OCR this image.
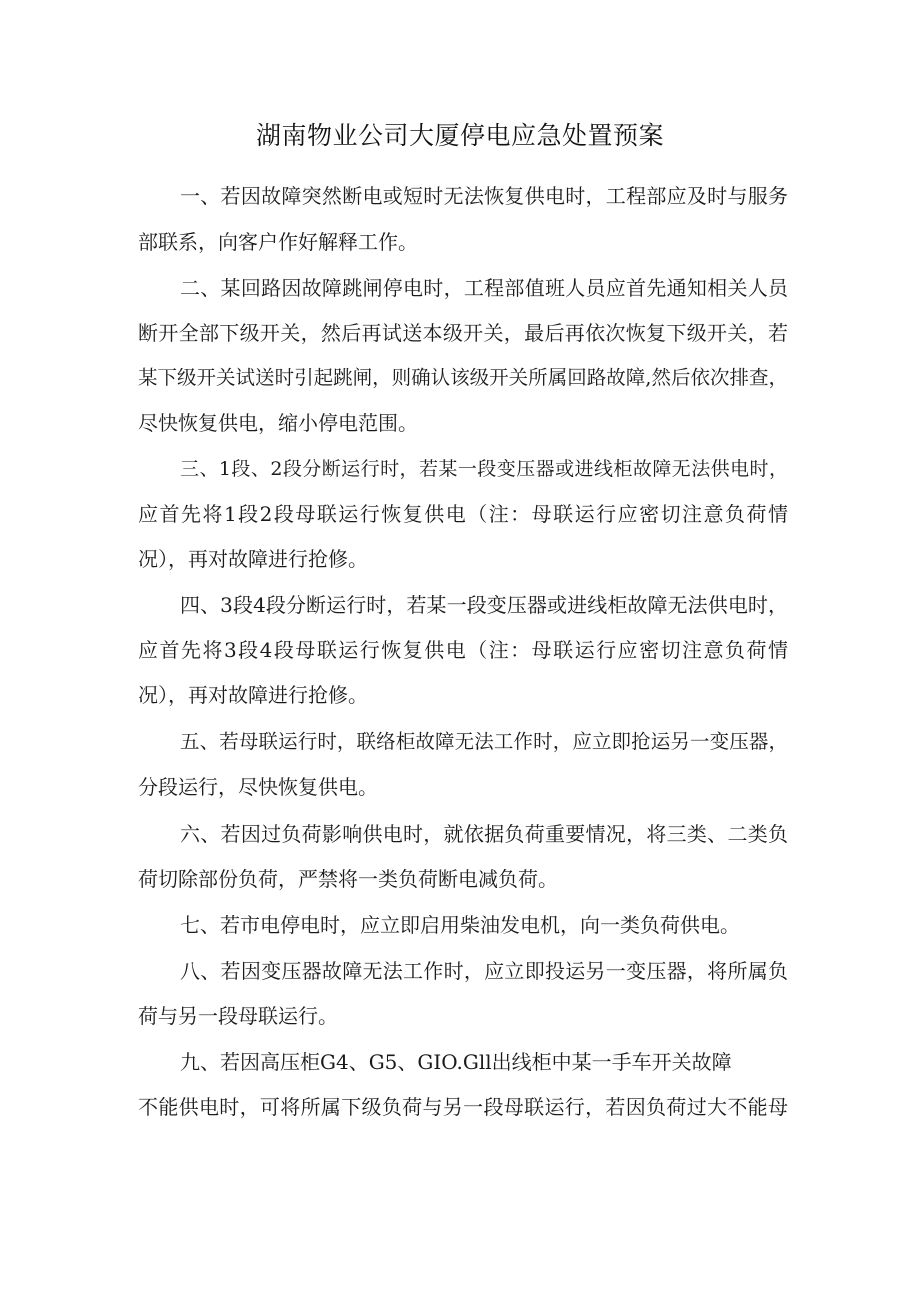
湖南物业公司大厦停电应急处置预案
一、若因故障突然断电或短时无法恢复供电时，工程部应及时与服务
部联系，向客户作好解释工作。
二、某回路因故障跳闸停电时，工程部值班人员应首先通知相关人员
断开全部下级开关，然后再试送本级开关，最后再依次恢复下级开关，若
某下级开关试送时引起跳闸，则确认该级开关所属回路故障,然后依次排查，
尽快恢复供电，缩小停电范围。
三、1段、2段分断运行时，若某一段变压器或进线柜故障无法供电时，
应首先将1段2段母联运行恢复供电（注：母联运行应密切注意负荷情
况），再对故障进行抢修。
四、3段4段分断运行时，若某一段变压器或进线柜故障无法供电时，
应首先将3段4段母联运行恢复供电（注：母联运行应密切注意负荷情
况），再对故障进行抢修。
五、若母联运行时，联络柜故障无法工作时，应立即抢运另一变压器，
分段运行，尽快恢复供电。
六、若因过负荷影响供电时，就依据负荷重要情况，将三类、二类负
荷切除部份负荷，严禁将一类负荷断电减负荷。
七、若市电停电时，应立即启用柴油发电机，向一类负荷供电。
八、若因变压器故障无法工作时，应立即投运另一变压器，将所属负
荷与另一段母联运行。
九、若因高压柜G4、G5、GIO.Gll出线柜中某一手车开关故障
不能供电时，可将所属下级负荷与另一段母联运行，若因负荷过大不能母
